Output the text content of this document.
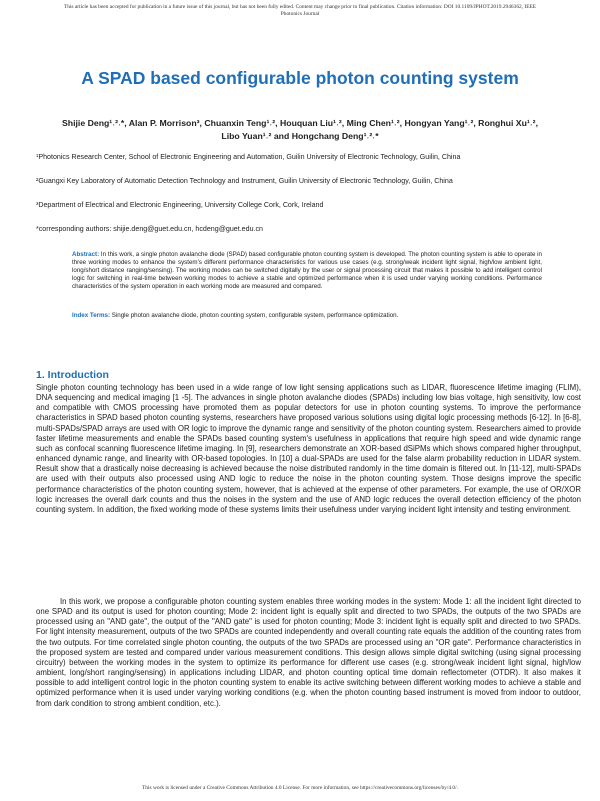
This article has been accepted for publication in a future issue of this journal, but has not been fully edited. Content may change prior to final publication. Citation information: DOI 10.1109/JPHOT.2019.2946362, IEEE
Photonics Journal
A SPAD based configurable photon counting system
Shijie Deng¹˒²˒*, Alan P. Morrison³, Chuanxin Teng¹˒², Houquan Liu¹˒², Ming Chen¹˒², Hongyan Yang¹˒², Ronghui Xu¹˒²,
Libo Yuan¹˒² and Hongchang Deng¹˒²˒*
¹Photonics Research Center, School of Electronic Engineering and Automation, Guilin University of Electronic Technology, Guilin, China
²Guangxi Key Laboratory of Automatic Detection Technology and Instrument, Guilin University of Electronic Technology, Guilin, China
³Department of Electrical and Electronic Engineering, University College Cork, Cork, Ireland
*corresponding authors: shijie.deng@guet.edu.cn, hcdeng@guet.edu.cn
Abstract: In this work, a single photon avalanche diode (SPAD) based configurable photon counting system is developed. The photon counting system is able to operate in three working modes to enhance the system's different performance characteristics for various use cases (e.g. strong/weak incident light signal, high/low ambient light, long/short distance ranging/sensing). The working modes can be switched digitally by the user or signal processing circuit that makes it possible to add intelligent control logic for switching in real-time between working modes to achieve a stable and optimized performance when it is used under varying working conditions. Performance characteristics of the system operation in each working mode are measured and compared.
Index Terms: Single photon avalanche diode, photon counting system, configurable system, performance optimization.
1. Introduction
Single photon counting technology has been used in a wide range of low light sensing applications such as LIDAR, fluorescence lifetime imaging (FLIM), DNA sequencing and medical imaging [1 -5]. The advances in single photon avalanche diodes (SPADs) including low bias voltage, high sensitivity, low cost and compatible with CMOS processing have promoted them as popular detectors for use in photon counting systems. To improve the performance characteristics in SPAD based photon counting systems, researchers have proposed various solutions using digital logic processing methods [6-12]. In [6-8], multi-SPADs/SPAD arrays are used with OR logic to improve the dynamic range and sensitivity of the photon counting system. Researchers aimed to provide faster lifetime measurements and enable the SPADs based counting system's usefulness in applications that require high speed and wide dynamic range such as confocal scanning fluorescence lifetime imaging. In [9], researchers demonstrate an XOR-based dSiPMs which shows compared higher throughput, enhanced dynamic range, and linearity with OR-based topologies. In [10] a dual-SPADs are used for the false alarm probability reduction in LIDAR system. Result show that a drastically noise decreasing is achieved because the noise distributed randomly in the time domain is filtered out. In [11-12], multi-SPADs are used with their outputs also processed using AND logic to reduce the noise in the photon counting system. Those designs improve the specific performance characteristics of the photon counting system, however, that is achieved at the expense of other parameters. For example, the use of OR/XOR logic increases the overall dark counts and thus the noises in the system and the use of AND logic reduces the overall detection efficiency of the photon counting system. In addition, the fixed working mode of these systems limits their usefulness under varying incident light intensity and testing environment.
In this work, we propose a configurable photon counting system enables three working modes in the system: Mode 1: all the incident light directed to one SPAD and its output is used for photon counting; Mode 2: incident light is equally split and directed to two SPADs, the outputs of the two SPADs are processed using an "AND gate", the output of the "AND gate" is used for photon counting; Mode 3: incident light is equally split and directed to two SPADs. For light intensity measurement, outputs of the two SPADs are counted independently and overall counting rate equals the addition of the counting rates from the two outputs. For time correlated single photon counting, the outputs of the two SPADs are processed using an "OR gate". Performance characteristics in the proposed system are tested and compared under various measurement conditions. This design allows simple digital switching (using signal processing circuitry) between the working modes in the system to optimize its performance for different use cases (e.g. strong/weak incident light signal, high/low ambient, long/short ranging/sensing) in applications including LIDAR, and photon counting optical time domain reflectometer (OTDR). It also makes it possible to add intelligent control logic in the photon counting system to enable its active switching between different working modes to achieve a stable and optimized performance when it is used under varying working conditions (e.g. when the photon counting based instrument is moved from indoor to outdoor, from dark condition to strong ambient condition, etc.).
This work is licensed under a Creative Commons Attribution 4.0 License. For more information, see https://creativecommons.org/licenses/by/4.0/.
